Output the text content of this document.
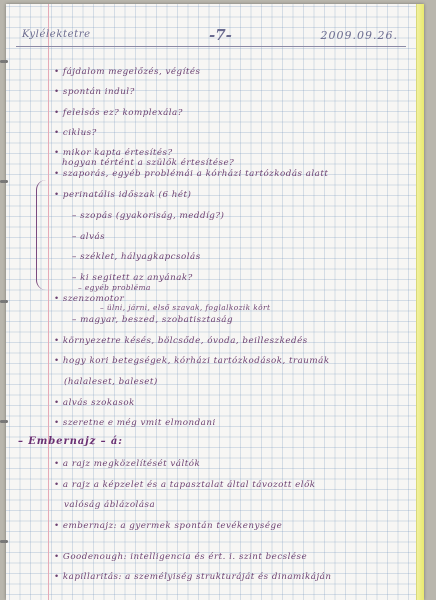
Kylélektetre	-7-	2009.09.26.
• fájdalom megelőzés, végítés
• spontán indul?
• felelsős ez? komplexála?
• ciklus?
• mikor kapta értesítés?
hogyan tértént a szülők értesítése?
• szaporás, egyéb problémái a kórházi tartózkodás alatt
• perinatális időszak (6 hét)
– szopás (gyakoriság, meddíg?)
– alvás
– széklet, hályagkapcsolás
– ki segitett az anyának?
– egyéb probléma
• szenzomotor
– ülni, járni, első szavak, foglalkozik kört
– magyar, beszed, szobatisztaság
• környezetre késés, bölcsőde, óvoda, beilleszkedés
• hogy kori betegségek, kórházi tartózkodások, traumák
(halaleset, baleset)
• alvás szokasok
• szeretne e még vmit elmondani
– Embernajz – á:
• a rajz megközelítését váltók
• a rajz a képzelet és a tapasztalat által távozott elők
valóság áblázolása
• embernajz: a gyermek spontán tevékenysége
• Goodenough: intelligencia és ért. i. szint becslése
• kapillaritás: a személyiség strukturáját és dinamikáján
